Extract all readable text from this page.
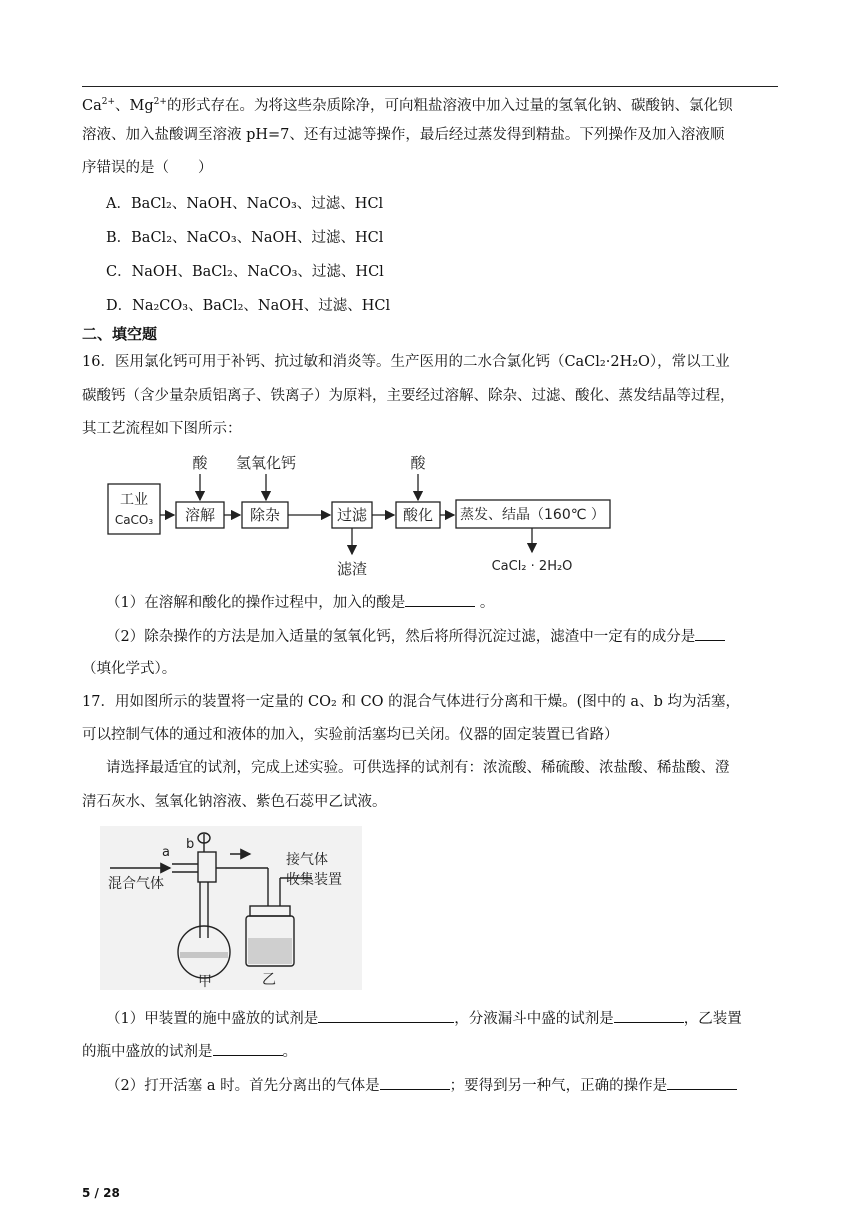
$Ca^{2+}$、$Mg^{2+}$的形式存在。为将这些杂质除净，可向粗盐溶液中加入过量的氢氧化钠、碳酸钠、氯化钡
溶液、加入盐酸调至溶液 pH=7、还有过滤等操作，最后经过蒸发得到精盐。下列操作及加入溶液顺
序错误的是（　　）
A．BaCl₂、NaOH、NaCO₃、过滤、HCl
B．BaCl₂、NaCO₃、NaOH、过滤、HCl
C．NaOH、BaCl₂、NaCO₃、过滤、HCl
D．Na₂CO₃、BaCl₂、NaOH、过滤、HCl
二、填空题
16．医用氯化钙可用于补钙、抗过敏和消炎等。生产医用的二水合氯化钙（CaCl₂·2H₂O），常以工业
碳酸钙（含少量杂质铝离子、铁离子）为原料，主要经过溶解、除杂、过滤、酸化、蒸发结晶等过程，
其工艺流程如下图所示：
工业
CaCO₃ 溶解 除杂	过滤 酸化 蒸发、结晶（160℃ ）
酸 氢氧化钙	酸
滤渣	CaCl₂ · 2H₂O
（1）在溶解和酸化的操作过程中，加入的酸是	。
（2）除杂操作的方法是加入适量的氢氧化钙，然后将所得沉淀过滤，滤渣中一定有的成分是
（填化学式）。
17．用如图所示的装置将一定量的 CO₂ 和 CO 的混合气体进行分离和干燥。(图中的 a、b 均为活塞，
可以控制气体的通过和液体的加入，实验前活塞均已关闭。仪器的固定装置已省路）
请选择最适宜的试剂，完成上述实验。可供选择的试剂有：浓流酸、稀硫酸、浓盐酸、稀盐酸、澄
清石灰水、氢氧化钠溶液、紫色石蕊甲乙试液。
a
b
混合气体
接气体
收集装置
甲	乙
（1）甲装置的施中盛放的试剂是	，分液漏斗中盛的试剂是	，乙装置
的瓶中盛放的试剂是	。
（2）打开活塞 a 时。首先分离出的气体是	；要得到另一种气，正确的操作是
5 / 28
